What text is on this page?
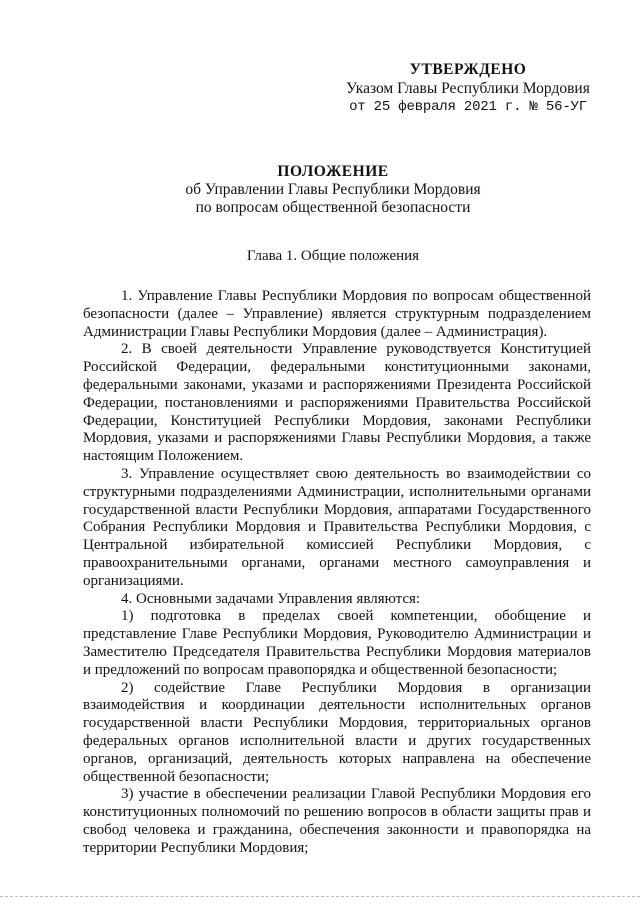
УТВЕРЖДЕНО
Указом Главы Республики Мордовия
от 25 февраля 2021 г. № 56-УГ
ПОЛОЖЕНИЕ
об Управлении Главы Республики Мордовия
по вопросам общественной безопасности
Глава 1. Общие положения

1. Управление Главы Республики Мордовия по вопросам общественной безопасности (далее – Управление) является структурным подразделением Администрации Главы Республики Мордовия (далее – Администрация).

2. В своей деятельности Управление руководствуется Конституцией Российской Федерации, федеральными конституционными законами, федеральными законами, указами и распоряжениями Президента Российской Федерации, постановлениями и распоряжениями Правительства Российской Федерации, Конституцией Республики Мордовия, законами Республики Мордовия, указами и распоряжениями Главы Республики Мордовия, а также настоящим Положением.

3. Управление осуществляет свою деятельность во взаимодействии со структурными подразделениями Администрации, исполнительными органами государственной власти Республики Мордовия, аппаратами Государственного Собрания Республики Мордовия и Правительства Республики Мордовия, с Центральной избирательной комиссией Республики Мордовия, с правоохранительными органами, органами местного самоуправления и организациями.

4. Основными задачами Управления являются:

1) подготовка в пределах своей компетенции, обобщение и представление Главе Республики Мордовия, Руководителю Администрации и Заместителю Председателя Правительства Республики Мордовия материалов и предложений по вопросам правопорядка и общественной безопасности;

2) содействие Главе Республики Мордовия в организации взаимодействия и координации деятельности исполнительных органов государственной власти Республики Мордовия, территориальных органов федеральных органов исполнительной власти и других государственных органов, организаций, деятельность которых направлена на обеспечение общественной безопасности;

3) участие в обеспечении реализации Главой Республики Мордовия его конституционных полномочий по решению вопросов в области защиты прав и свобод человека и гражданина, обеспечения законности и правопорядка на территории Республики Мордовия;
